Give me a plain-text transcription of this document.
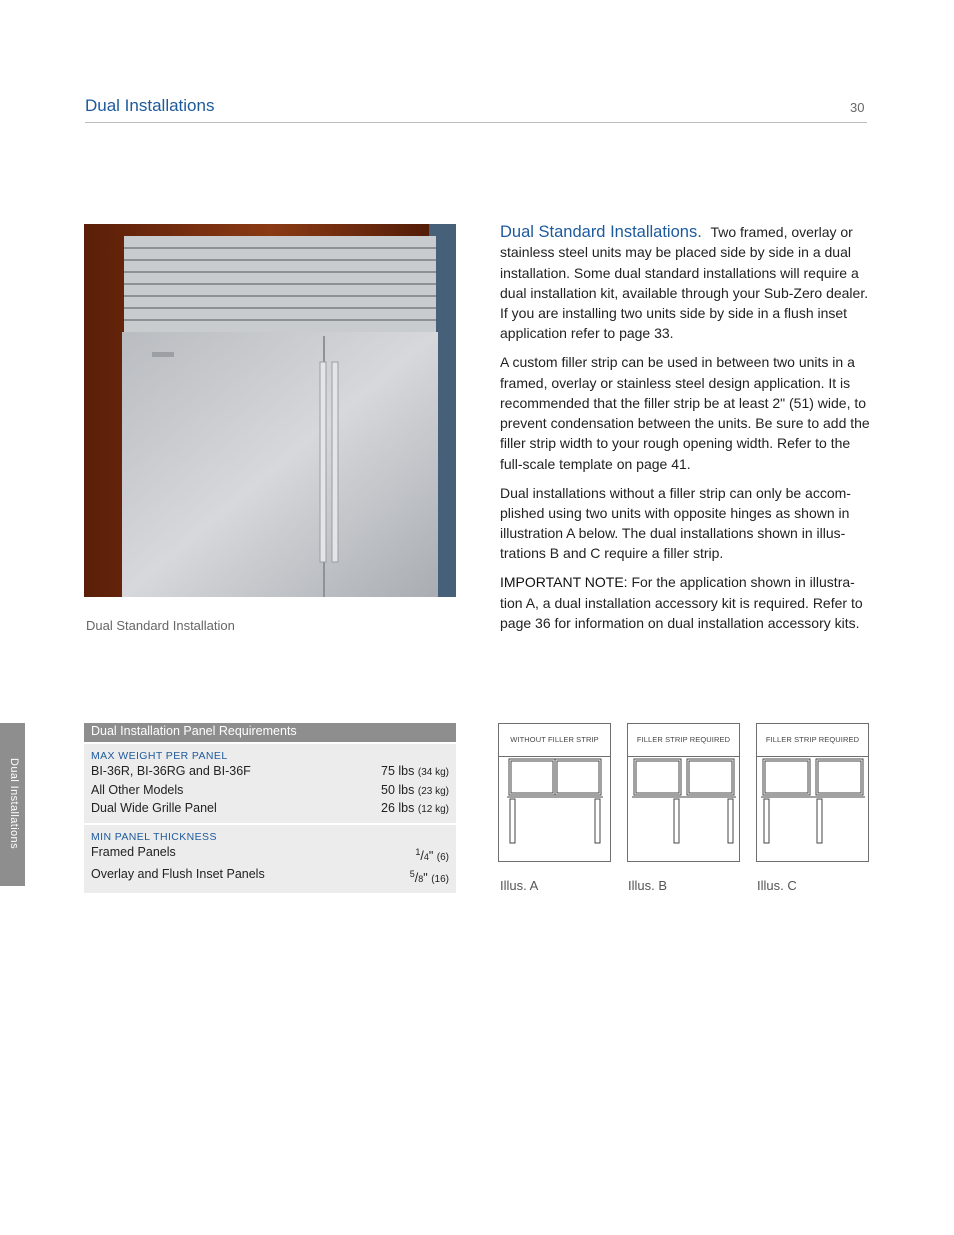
Dual Installations	30
Dual Standard Installation

Dual Standard Installations. Two framed, overlay or stainless steel units may be placed side by side in a dual installation. Some dual standard installations will require a dual installation kit, available through your Sub-Zero dealer. If you are installing two units side by side in a flush inset application refer to page 33.

A custom filler strip can be used in between two units in a framed, overlay or stainless steel design application. It is recommended that the filler strip be at least 2" (51) wide, to prevent condensation between the units. Be sure to add the filler strip width to your rough opening width. Refer to the full-scale template on page 41.

Dual installations without a filler strip can only be accom-plished using two units with opposite hinges as shown in illustration A below. The dual installations shown in illus-trations B and C require a filler strip.

IMPORTANT NOTE: For the application shown in illustra-tion A, a dual installation accessory kit is required. Refer to page 36 for information on dual installation accessory kits.

Dual Installations
Dual Installation Panel Requirements
MAX WEIGHT PER PANEL
BI-36R, BI-36RG and BI-36F	75 lbs (34 kg)
All Other Models	50 lbs (23 kg)
Dual Wide Grille Panel	26 lbs (12 kg)
MIN PANEL THICKNESS
Framed Panels	$^1$/4" (6)
Overlay and Flush Inset Panels	$^5$/8" (16)
WITHOUT FILLER STRIP
Illus. A
FILLER STRIP REQUIRED
Illus. B
FILLER STRIP REQUIRED
Illus. C
